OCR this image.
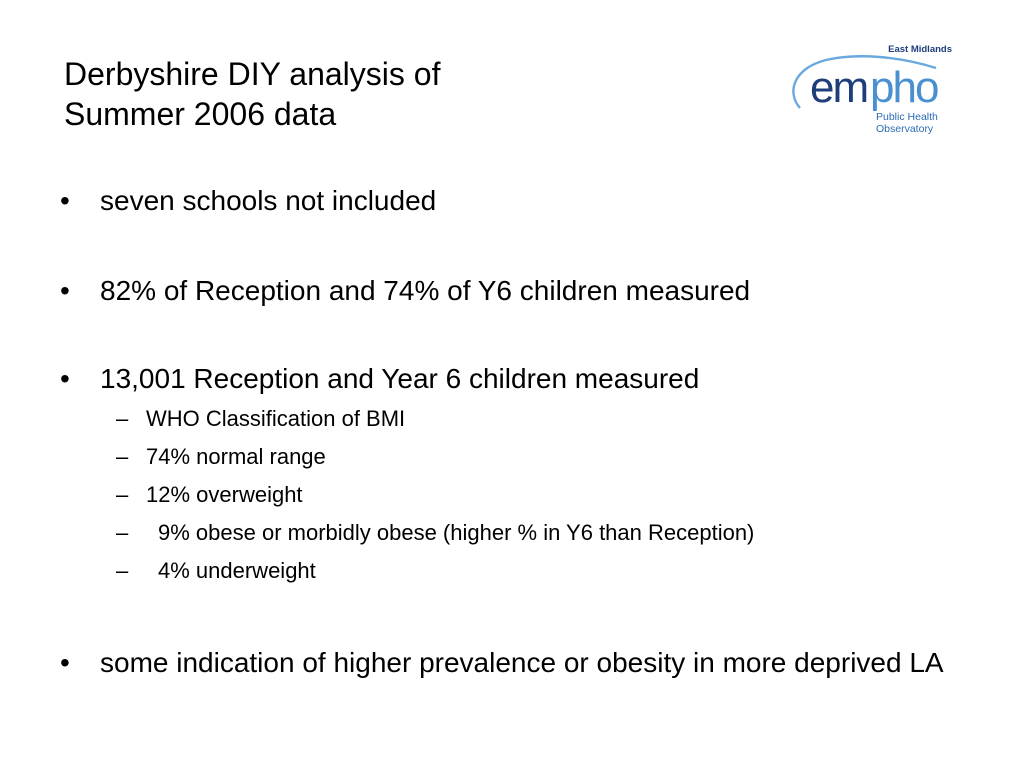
Derbyshire DIY analysis of
Summer 2006 data
East Midlands
em pho
Public Health
Observatory

•	seven schools not included

•	82% of Reception and 74% of Y6 children measured

•	13,001 Reception and Year 6 children measured
– WHO Classification of BMI
– 74% normal range
– 12% overweight
– 9% obese or morbidly obese (higher % in Y6 than Reception)
– 4% underweight

•	some indication of higher prevalence or obesity in more deprived LA
